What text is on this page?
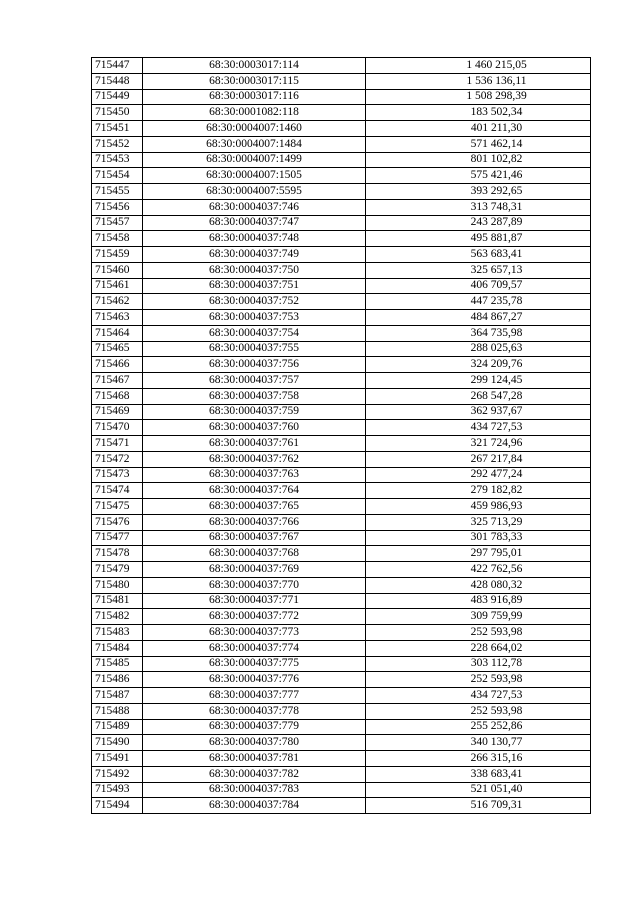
715447	68:30:0003017:114	1 460 215,05
715448	68:30:0003017:115	1 536 136,11
715449	68:30:0003017:116	1 508 298,39
715450	68:30:0001082:118	183 502,34
715451	68:30:0004007:1460	401 211,30
715452	68:30:0004007:1484	571 462,14
715453	68:30:0004007:1499	801 102,82
715454	68:30:0004007:1505	575 421,46
715455	68:30:0004007:5595	393 292,65
715456	68:30:0004037:746	313 748,31
715457	68:30:0004037:747	243 287,89
715458	68:30:0004037:748	495 881,87
715459	68:30:0004037:749	563 683,41
715460	68:30:0004037:750	325 657,13
715461	68:30:0004037:751	406 709,57
715462	68:30:0004037:752	447 235,78
715463	68:30:0004037:753	484 867,27
715464	68:30:0004037:754	364 735,98
715465	68:30:0004037:755	288 025,63
715466	68:30:0004037:756	324 209,76
715467	68:30:0004037:757	299 124,45
715468	68:30:0004037:758	268 547,28
715469	68:30:0004037:759	362 937,67
715470	68:30:0004037:760	434 727,53
715471	68:30:0004037:761	321 724,96
715472	68:30:0004037:762	267 217,84
715473	68:30:0004037:763	292 477,24
715474	68:30:0004037:764	279 182,82
715475	68:30:0004037:765	459 986,93
715476	68:30:0004037:766	325 713,29
715477	68:30:0004037:767	301 783,33
715478	68:30:0004037:768	297 795,01
715479	68:30:0004037:769	422 762,56
715480	68:30:0004037:770	428 080,32
715481	68:30:0004037:771	483 916,89
715482	68:30:0004037:772	309 759,99
715483	68:30:0004037:773	252 593,98
715484	68:30:0004037:774	228 664,02
715485	68:30:0004037:775	303 112,78
715486	68:30:0004037:776	252 593,98
715487	68:30:0004037:777	434 727,53
715488	68:30:0004037:778	252 593,98
715489	68:30:0004037:779	255 252,86
715490	68:30:0004037:780	340 130,77
715491	68:30:0004037:781	266 315,16
715492	68:30:0004037:782	338 683,41
715493	68:30:0004037:783	521 051,40
715494	68:30:0004037:784	516 709,31
